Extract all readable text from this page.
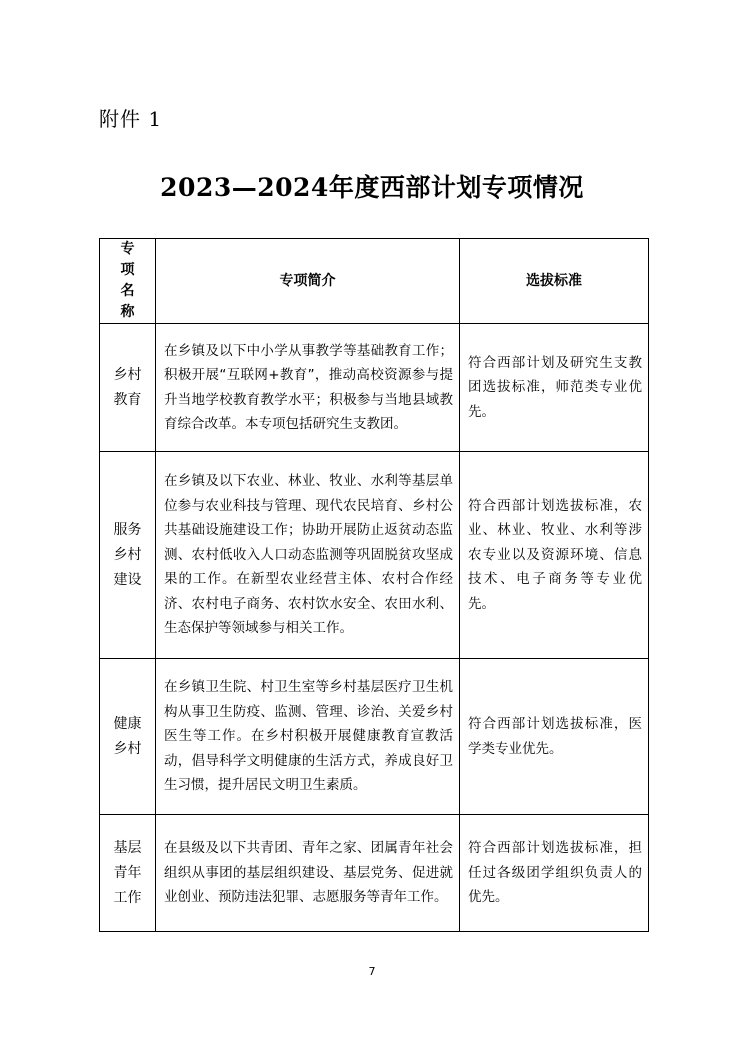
附件 1
2023—2024年度西部计划专项情况
专项名称	专项简介	选拔标准
乡村教育	在乡镇及以下中小学从事教学等基础教育工作；积极开展“互联网+教育”，推动高校资源参与提升当地学校教育教学水平；积极参与当地县域教育综合改革。本专项包括研究生支教团。	符合西部计划及研究生支教团选拔标准，师范类专业优先。
服务乡村建设	在乡镇及以下农业、林业、牧业、水利等基层单位参与农业科技与管理、现代农民培育、乡村公共基础设施建设工作；协助开展防止返贫动态监测、农村低收入人口动态监测等巩固脱贫攻坚成果的工作。在新型农业经营主体、农村合作经济、农村电子商务、农村饮水安全、农田水利、生态保护等领域参与相关工作。	符合西部计划选拔标准，农业、林业、牧业、水利等涉农专业以及资源环境、信息技术、电子商务等专业优先。
健康乡村	在乡镇卫生院、村卫生室等乡村基层医疗卫生机构从事卫生防疫、监测、管理、诊治、关爱乡村医生等工作。在乡村积极开展健康教育宣教活动，倡导科学文明健康的生活方式，养成良好卫生习惯，提升居民文明卫生素质。	符合西部计划选拔标准，医学类专业优先。
基层青年工作	在县级及以下共青团、青年之家、团属青年社会组织从事团的基层组织建设、基层党务、促进就业创业、预防违法犯罪、志愿服务等青年工作。	符合西部计划选拔标准，担任过各级团学组织负责人的优先。
7
